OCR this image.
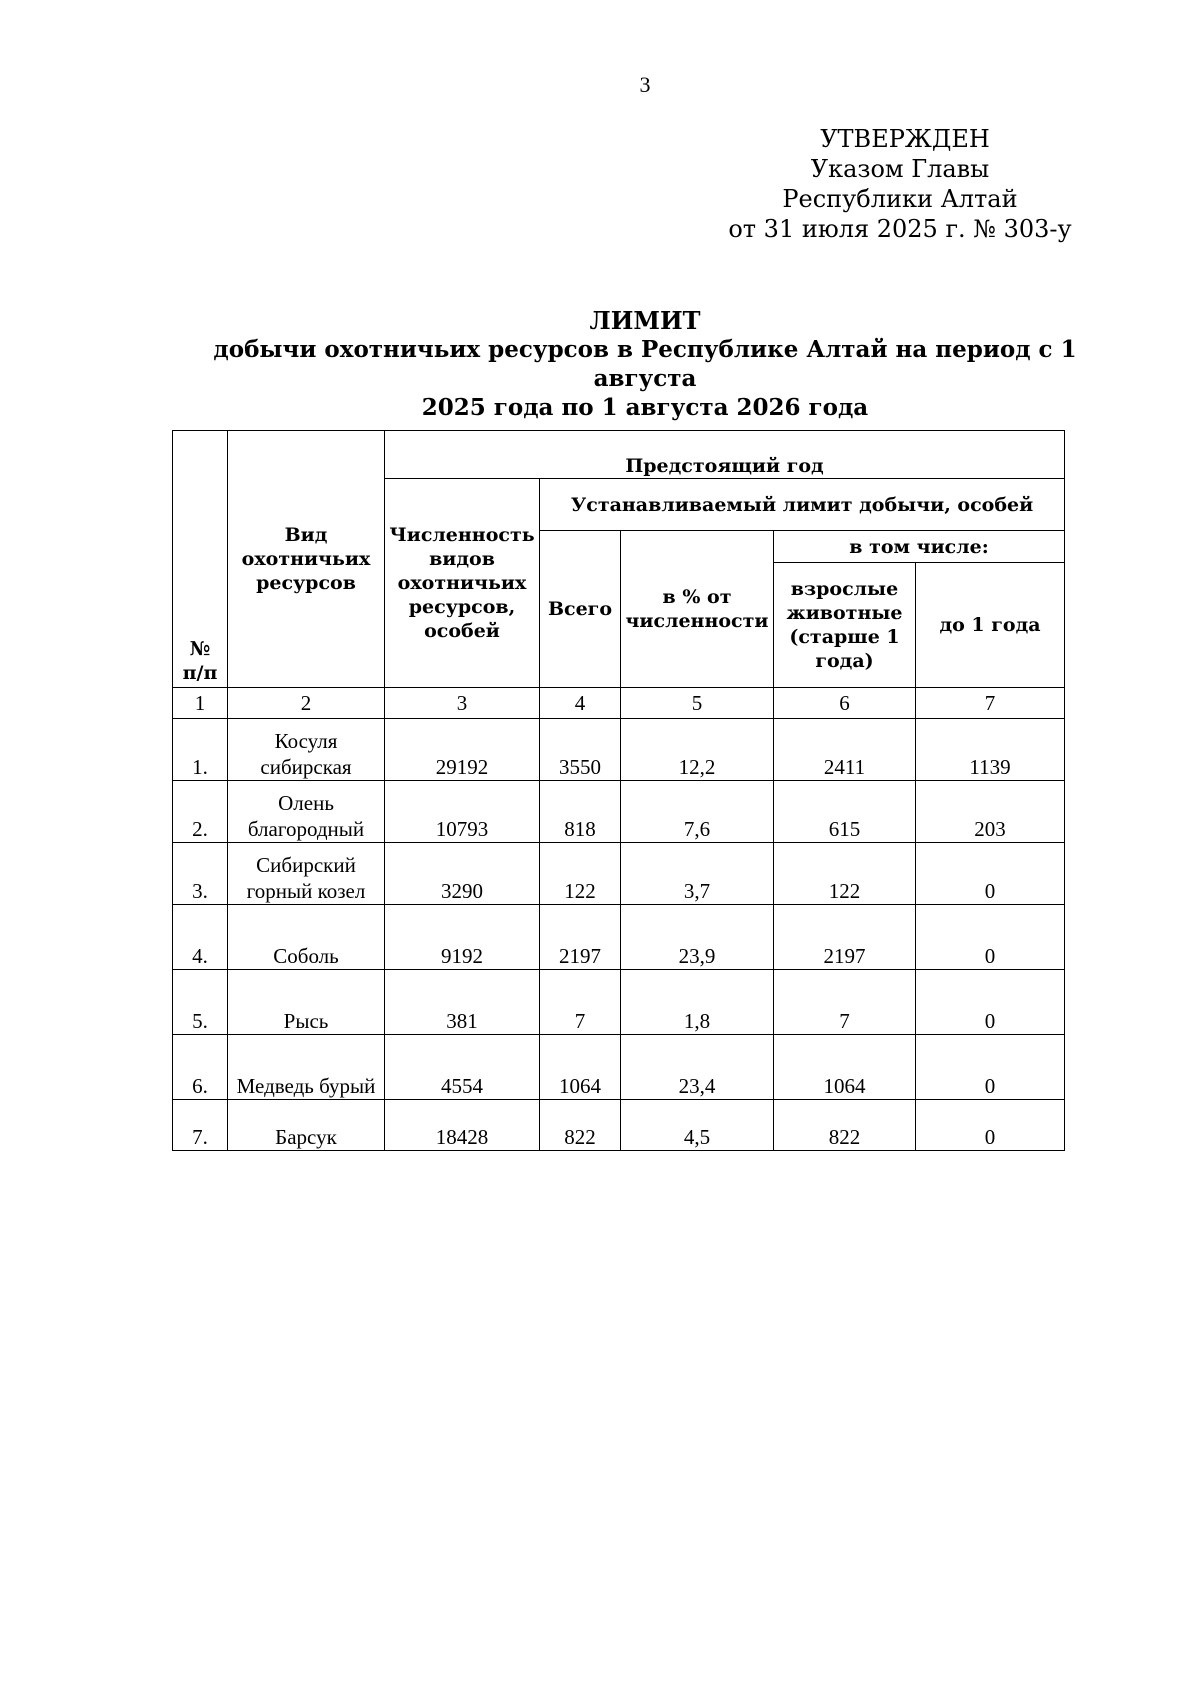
3
УТВЕРЖДЕН
Указом Главы
Республики Алтай
от 31 июля 2025 г. № 303-у
ЛИМИТ
добычи охотничьих ресурсов в Республике Алтай на период с 1 августа
2025 года по 1 августа 2026 года
№ п/п	Вид охотничьих ресурсов	Предстоящий год				
		Численность видов охотничьих ресурсов, особей	Устанавливаемый лимит добычи, особей			
			Всего	в % от численности	в том числе:	
					взрослые животные (старше 1 года)	до 1 года
1	2	3	4	5	6	7
1.	Косуля сибирская	29192	3550	12,2	2411	1139
2.	Олень благородный	10793	818	7,6	615	203
3.	Сибирский горный козел	3290	122	3,7	122	0
4.	Соболь	9192	2197	23,9	2197	0
5.	Рысь	381	7	1,8	7	0
6.	Медведь бурый	4554	1064	23,4	1064	0
7.	Барсук	18428	822	4,5	822	0
